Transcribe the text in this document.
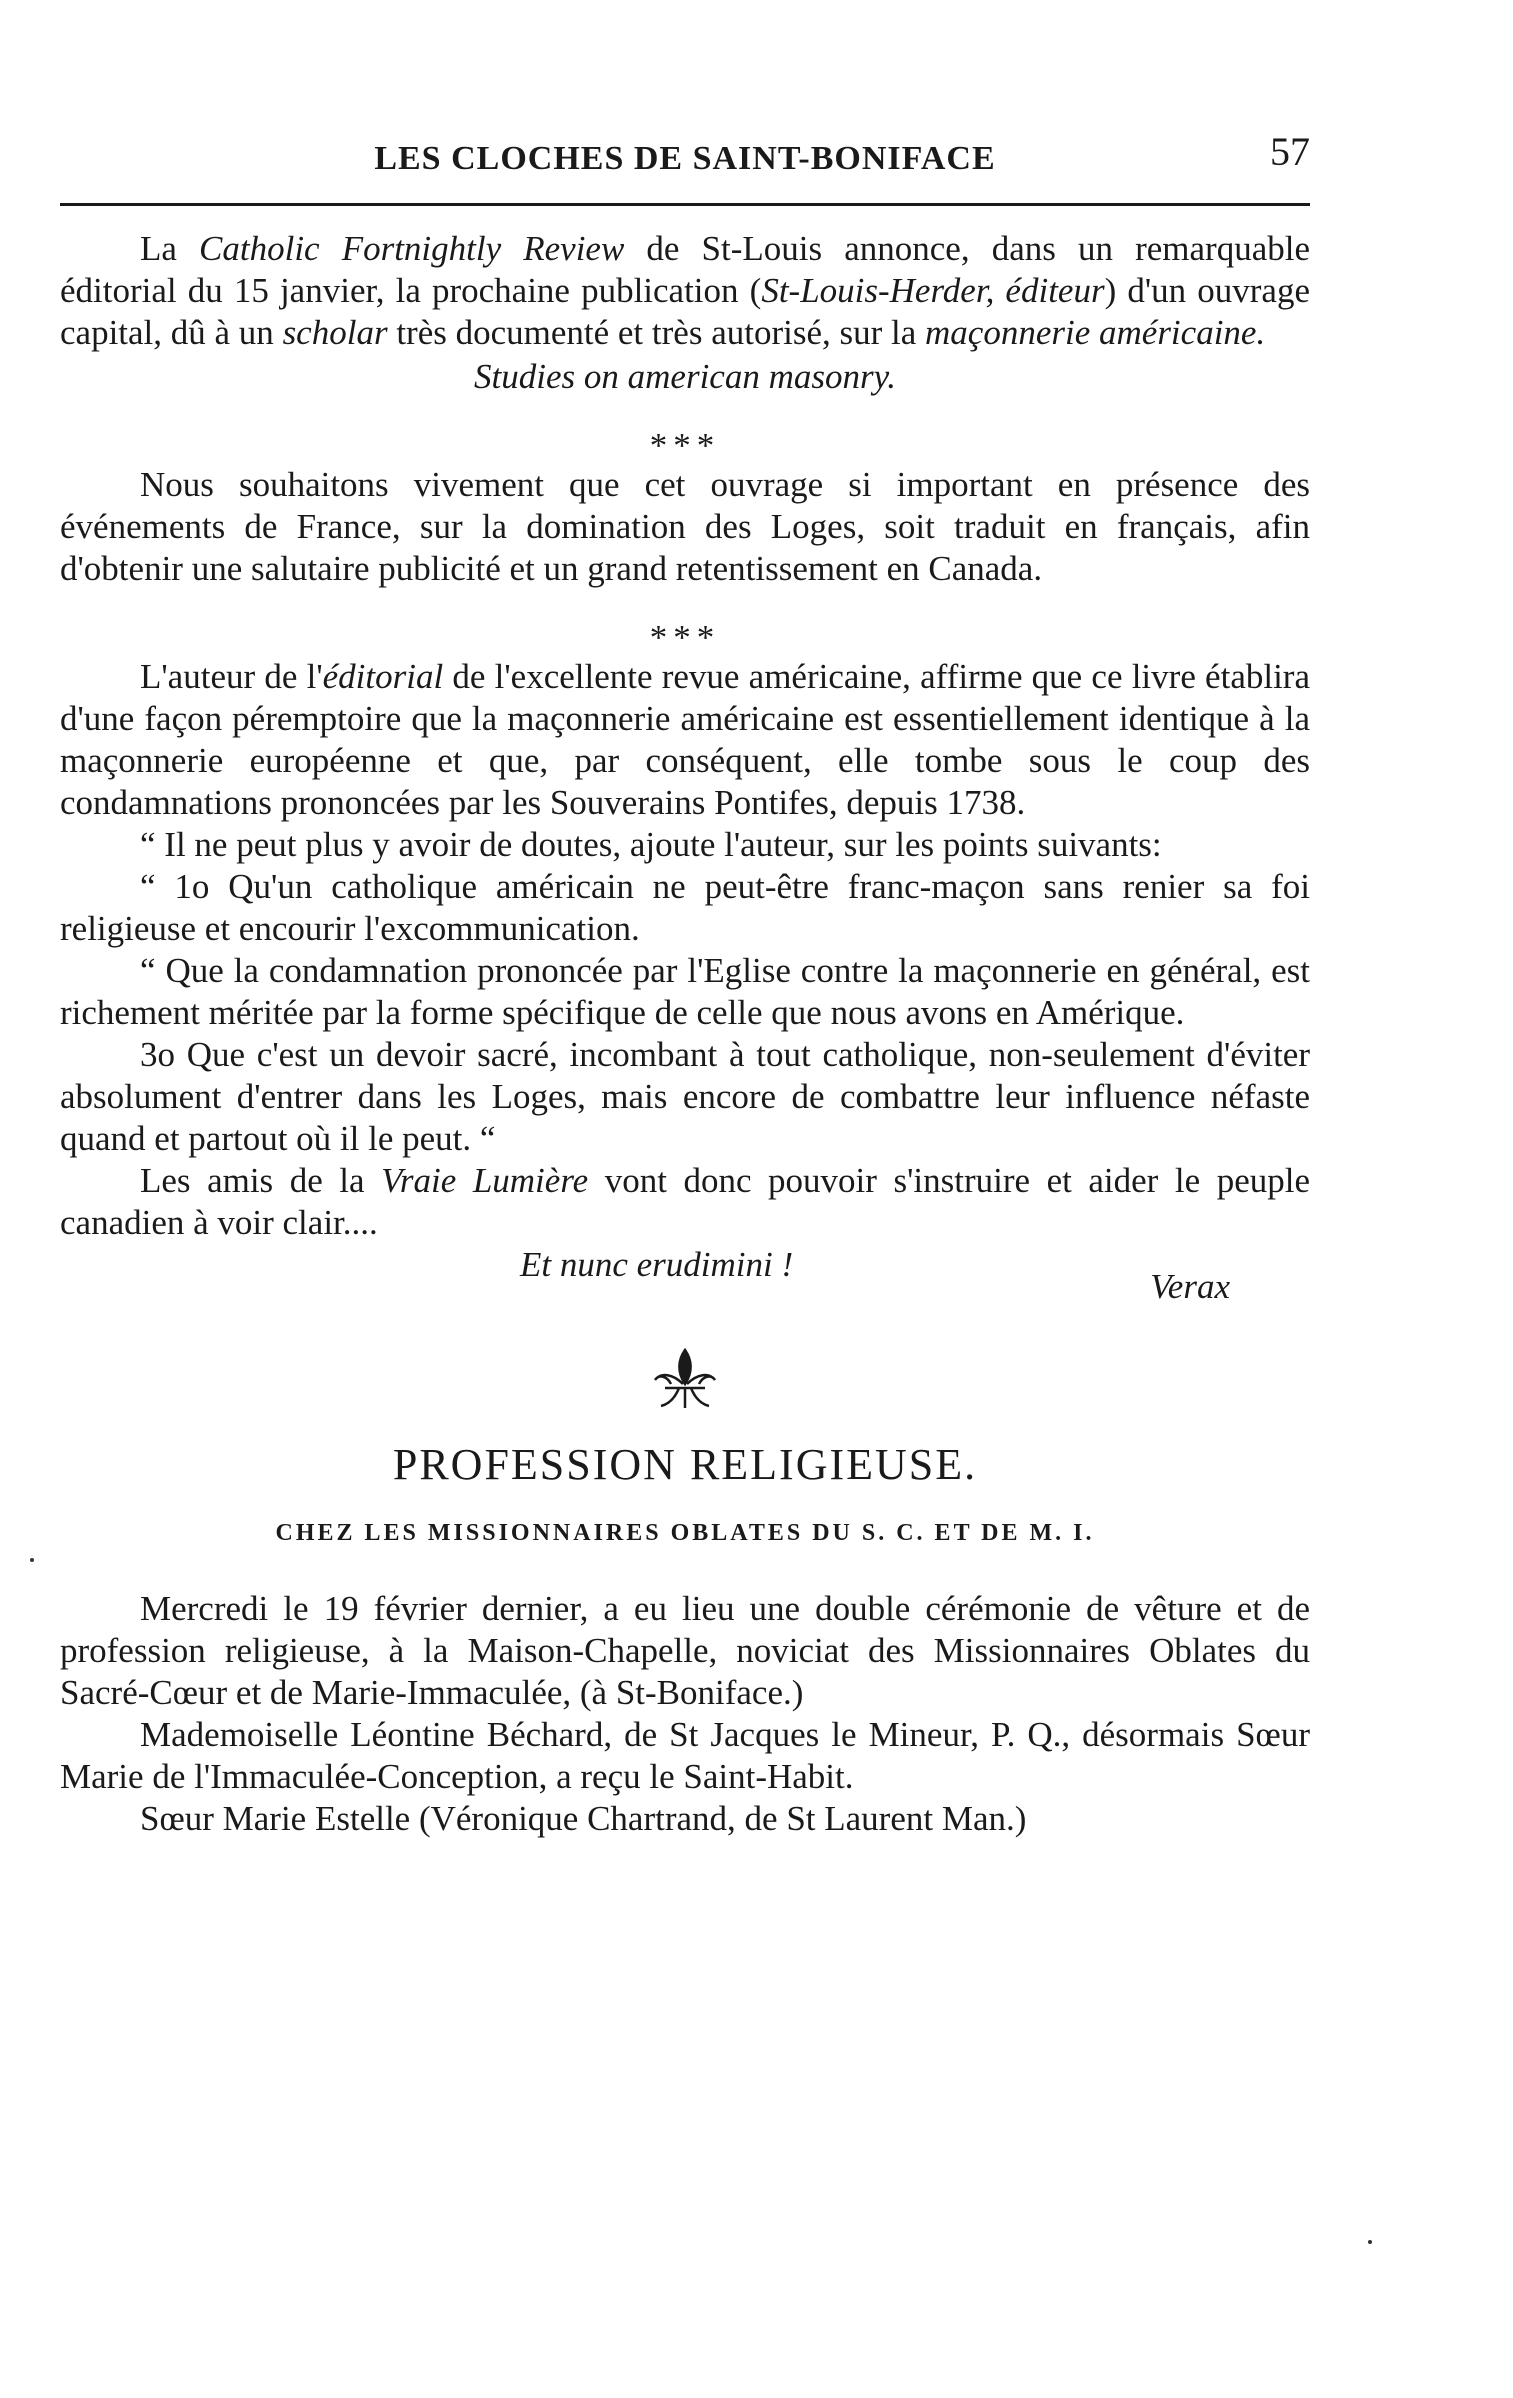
LES CLOCHES DE SAINT-BONIFACE	57

La Catholic Fortnightly Review de St-Louis annonce, dans un remarquable éditorial du 15 janvier, la prochaine publication (St-Louis-Herder, éditeur) d'un ouvrage capital, dû à un scholar très documenté et très autorisé, sur la maçonnerie américaine.

Studies on american masonry.
***

Nous souhaitons vivement que cet ouvrage si important en présence des événements de France, sur la domination des Loges, soit traduit en français, afin d'obtenir une salutaire publicité et un grand retentissement en Canada.

***

L'auteur de l'éditorial de l'excellente revue américaine, affirme que ce livre établira d'une façon péremptoire que la maçonnerie américaine est essentiellement identique à la maçonnerie européenne et que, par conséquent, elle tombe sous le coup des condamnations prononcées par les Souverains Pontifes, depuis 1738.

“ Il ne peut plus y avoir de doutes, ajoute l'auteur, sur les points suivants:

“ 1o Qu'un catholique américain ne peut-être franc-maçon sans renier sa foi religieuse et encourir l'excommunication.

“ Que la condamnation prononcée par l'Eglise contre la maçonnerie en général, est richement méritée par la forme spécifique de celle que nous avons en Amérique.

3o Que c'est un devoir sacré, incombant à tout catholique, non-seulement d'éviter absolument d'entrer dans les Loges, mais encore de combattre leur influence néfaste quand et partout où il le peut. “

Les amis de la Vraie Lumière vont donc pouvoir s'instruire et aider le peuple canadien à voir clair....

Et nunc erudimini !
Verax
PROFESSION RELIGIEUSE.
CHEZ LES MISSIONNAIRES OBLATES DU S. C. ET DE M. I.

Mercredi le 19 février dernier, a eu lieu une double cérémonie de vêture et de profession religieuse, à la Maison-Chapelle, noviciat des Missionnaires Oblates du Sacré-Cœur et de Marie-Immaculée, (à St-Boniface.)

Mademoiselle Léontine Béchard, de St Jacques le Mineur, P. Q., désormais Sœur Marie de l'Immaculée-Conception, a reçu le Saint-Habit.

Sœur Marie Estelle (Véronique Chartrand, de St Laurent Man.)
